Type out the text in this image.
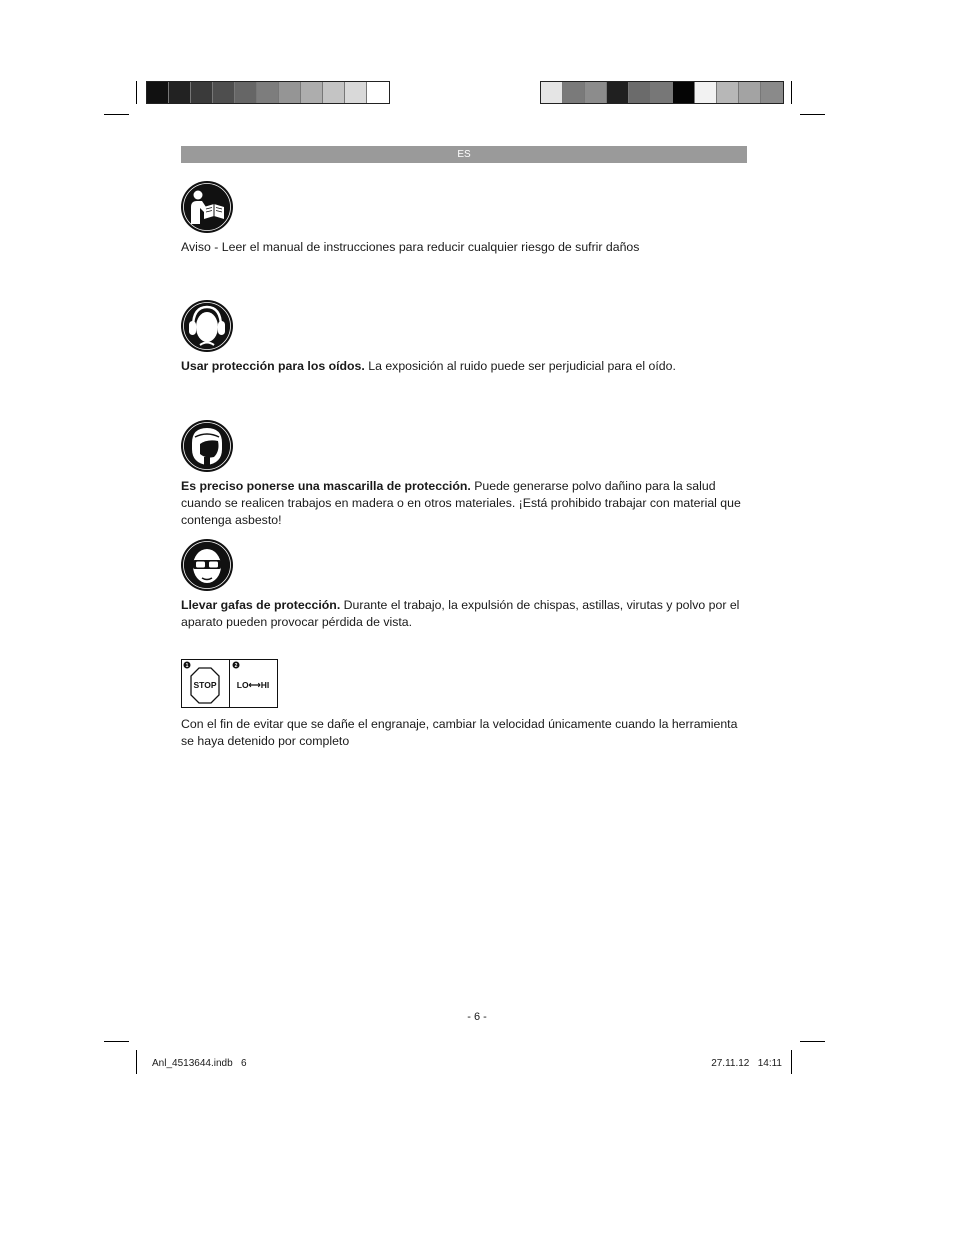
ES

Aviso - Leer el manual de instrucciones para reducir cualquier riesgo de sufrir daños

Usar protección para los oídos. La exposición al ruido puede ser perjudicial para el oído.

Es preciso ponerse una mascarilla de protección. Puede generarse polvo dañino para la salud cuando se realicen trabajos en madera o en otros materiales. ¡Está prohibido trabajar con material que contenga asbesto!

Llevar gafas de protección. Durante el trabajo, la expulsión de chispas, astillas, virutas y polvo por el aparato pueden provocar pérdida de vista.

1	2
STOP LO⟷HI

Con el fin de evitar que se dañe el engranaje, cambiar la velocidad únicamente cuando la herramienta se haya detenido por completo

- 6 -
Anl_4513644.indb   6	27.11.12   14:11
